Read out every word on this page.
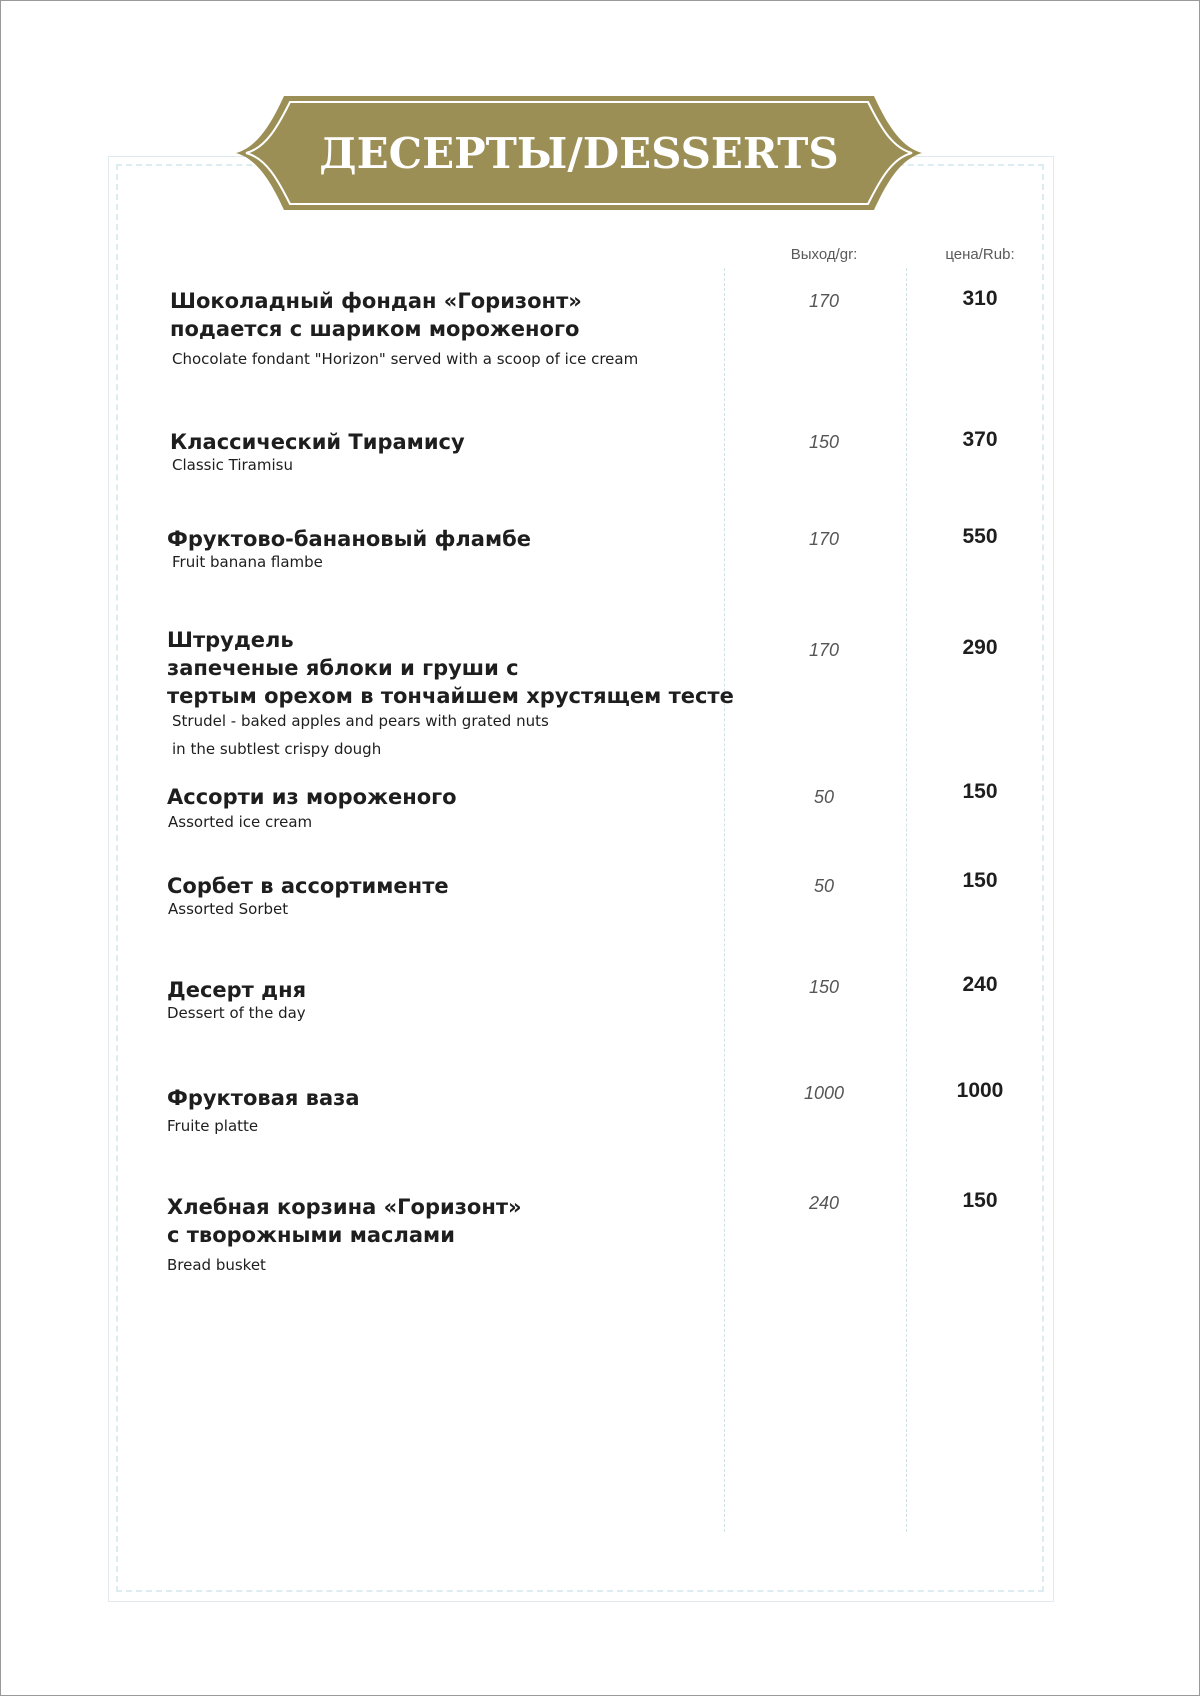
ДЕСЕРТЫ/DESSERTS
Выход/gr:	цена/Rub:
Шоколадный фондан «Горизонт»
подается с шариком мороженого
Chocolate fondant "Horizon" served with a scoop of ice cream
170	310
Классический Тирамису
Classic Tiramisu
150	370
Фруктово-банановый фламбе
Fruit banana flambe
170	550
Штрудель
запеченые яблоки и груши с
тертым орехом в тончайшем хрустящем тесте
Strudel - baked apples and pears with grated nuts
in the subtlest crispy dough
170	290
Ассорти из мороженого
Assorted ice cream
50	150
Сорбет в ассортименте
Assorted Sorbet
50	150
Десерт дня
Dessert of the day
150	240
Фруктовая ваза
Fruite platte
1000	1000
Хлебная корзина «Горизонт»
с творожными маслами
Bread busket
240	150
